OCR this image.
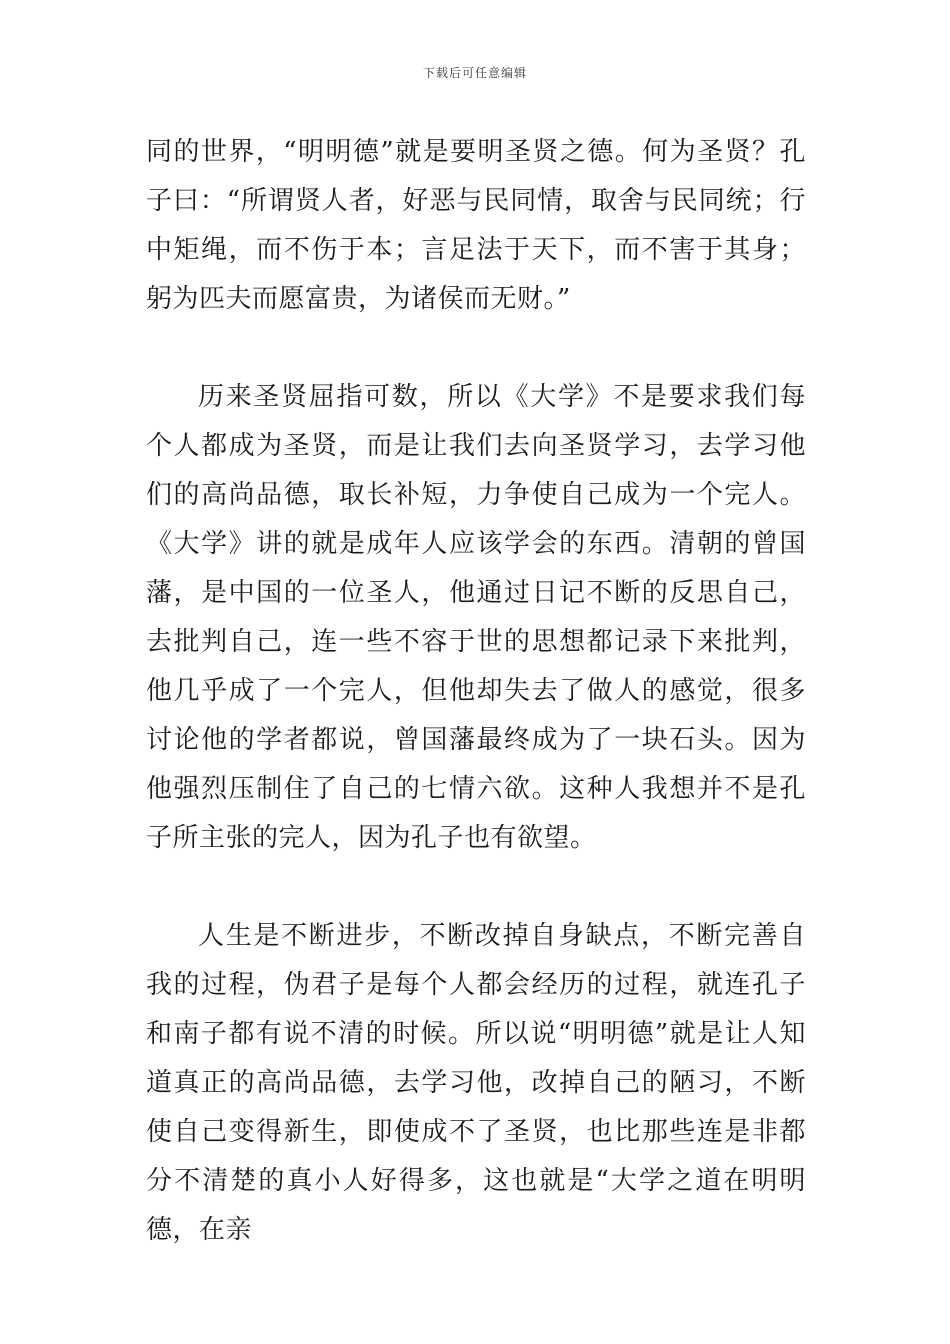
下载后可任意编辑

同的世界，“明明德”就是要明圣贤之德。何为圣贤？孔子曰：“所谓贤人者，好恶与民同情，取舍与民同统；行中矩绳，而不伤于本；言足法于天下，而不害于其身；躬为匹夫而愿富贵，为诸侯而无财。”

历来圣贤屈指可数，所以《大学》不是要求我们每个人都成为圣贤，而是让我们去向圣贤学习，去学习他们的高尚品德，取长补短，力争使自己成为一个完人。《大学》讲的就是成年人应该学会的东西。清朝的曾国藩，是中国的一位圣人，他通过日记不断的反思自己，去批判自己，连一些不容于世的思想都记录下来批判，他几乎成了一个完人，但他却失去了做人的感觉，很多讨论他的学者都说，曾国藩最终成为了一块石头。因为他强烈压制住了自己的七情六欲。这种人我想并不是孔子所主张的完人，因为孔子也有欲望。

人生是不断进步，不断改掉自身缺点，不断完善自我的过程，伪君子是每个人都会经历的过程，就连孔子和南子都有说不清的时候。所以说“明明德”就是让人知道真正的高尚品德，去学习他，改掉自己的陋习，不断使自己变得新生，即使成不了圣贤，也比那些连是非都分不清楚的真小人好得多，这也就是“大学之道在明明德，在亲
